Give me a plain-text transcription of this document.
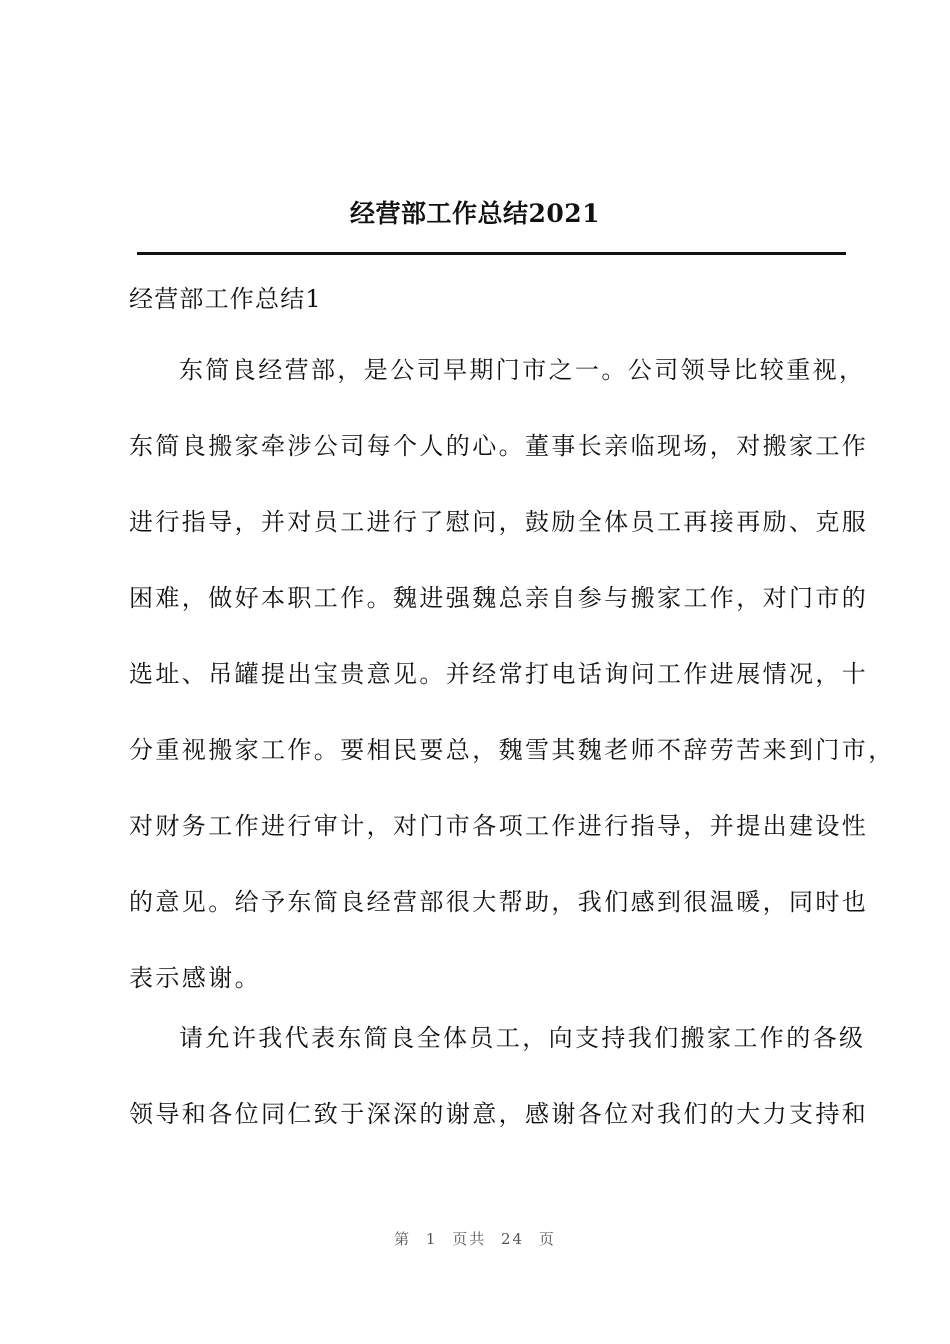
经营部工作总结2021
经营部工作总结1
东简良经营部，是公司早期门市之一。公司领导比较重视，
东简良搬家牵涉公司每个人的心。董事长亲临现场，对搬家工作
进行指导，并对员工进行了慰问，鼓励全体员工再接再励、克服
困难，做好本职工作。魏进强魏总亲自参与搬家工作，对门市的
选址、吊罐提出宝贵意见。并经常打电话询问工作进展情况，十
分重视搬家工作。要相民要总，魏雪其魏老师不辞劳苦来到门市，
对财务工作进行审计，对门市各项工作进行指导，并提出建设性
的意见。给予东简良经营部很大帮助，我们感到很温暖，同时也
表示感谢。
请允许我代表东简良全体员工，向支持我们搬家工作的各级
领导和各位同仁致于深深的谢意，感谢各位对我们的大力支持和
第 1 页共 24 页
